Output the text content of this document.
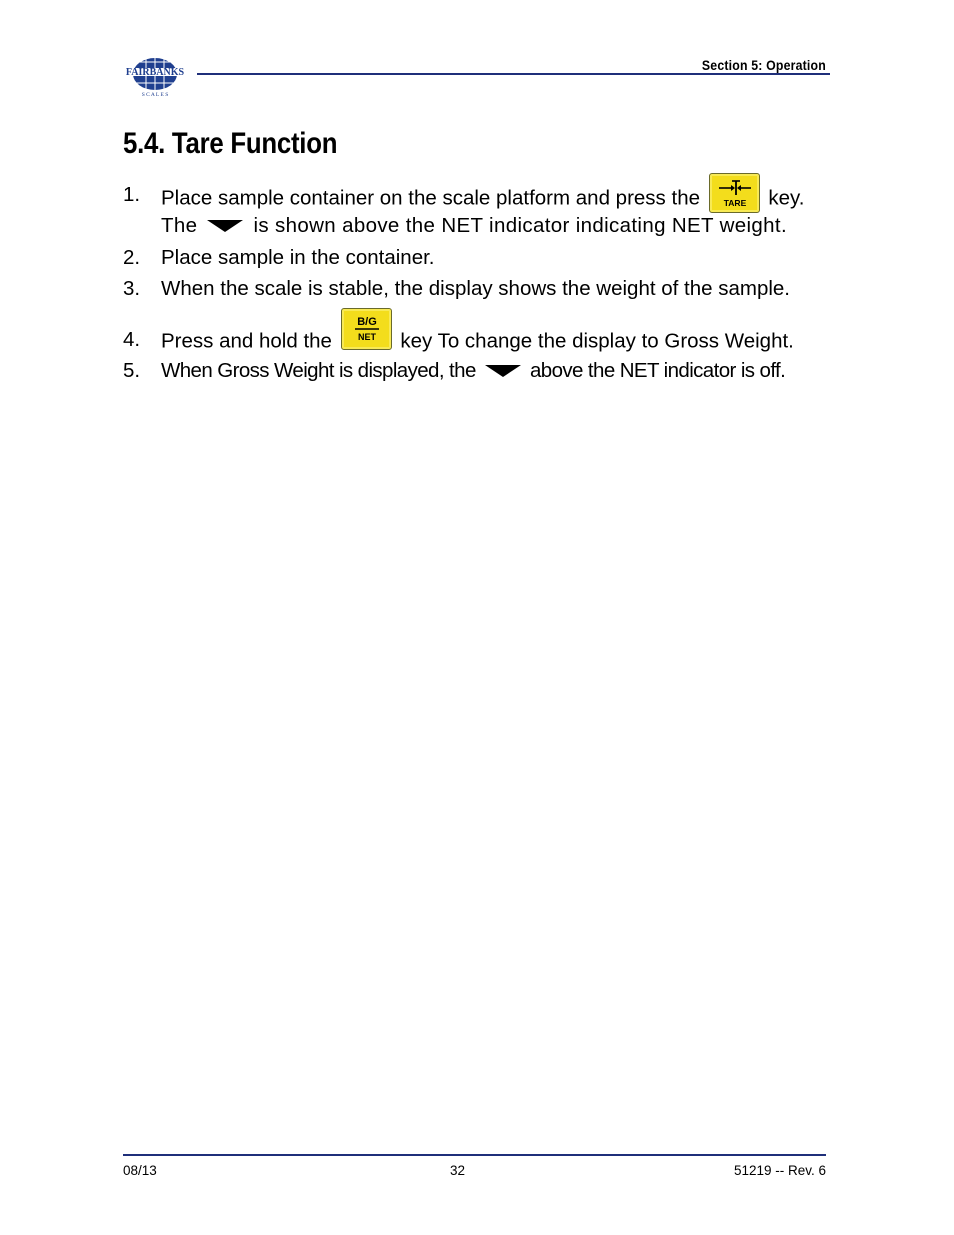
FAIRBANKS
S C A L E S
Section 5: Operation
5.4. Tare Function
1. Place sample container on the scale platform and press the	TARE key.
The	is shown above the NET indicator indicating NET weight.
2. Place sample in the container.
3. When the scale is stable, the display shows the weight of the sample.
4. Press and hold the
B/G
NET key To change the display to Gross Weight.
5. When Gross Weight is displayed, the	above the NET indicator is off.
08/13	32	51219 -- Rev. 6
